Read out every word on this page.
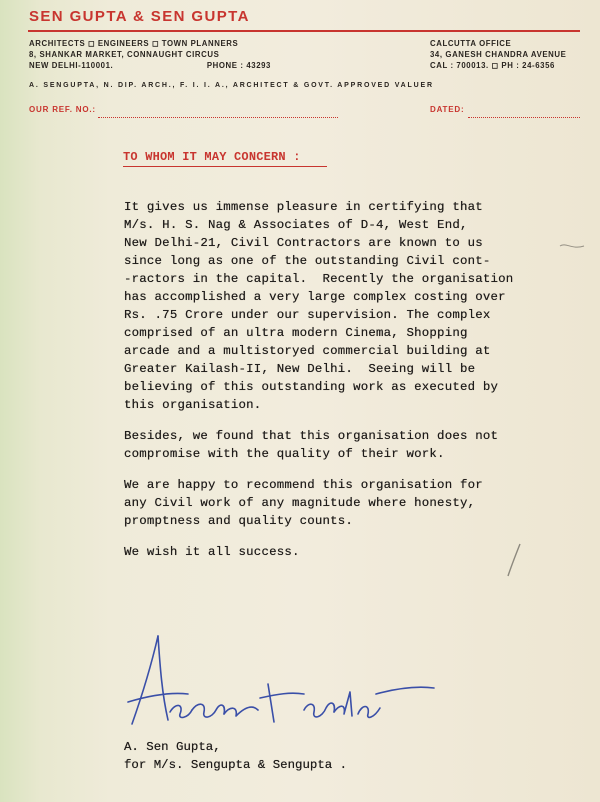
SEN GUPTA & SEN GUPTA
ARCHITECTS ◻ ENGINEERS ◻ TOWN PLANNERS
8, SHANKAR MARKET, CONNAUGHT CIRCUS
NEW DELHI-110001.	PHONE : 43293
CALCUTTA OFFICE
34, GANESH CHANDRA AVENUE
CAL : 700013. ◻ PH : 24-6356
A. SENGUPTA, N. DIP. ARCH., F. I. I. A., ARCHITECT & GOVT. APPROVED VALUER
OUR REF. NO.:	DATED:
TO WHOM IT MAY CONCERN :
It gives us immense pleasure in certifying that
M/s. H. S. Nag & Associates of D-4, West End,
New Delhi-21, Civil Contractors are known to us
since long as one of the outstanding Civil cont-
-ractors in the capital.  Recently the organisation
has accomplished a very large complex costing over
Rs. .75 Crore under our supervision. The complex
comprised of an ultra modern Cinema, Shopping
arcade and a multistoryed commercial building at
Greater Kailash-II, New Delhi.  Seeing will be
believing of this outstanding work as executed by
this organisation.
Besides, we found that this organisation does not
compromise with the quality of their work.
We are happy to recommend this organisation for
any Civil work of any magnitude where honesty,
promptness and quality counts.
We wish it all success.
A. Sen Gupta,
for M/s. Sengupta & Sengupta .
